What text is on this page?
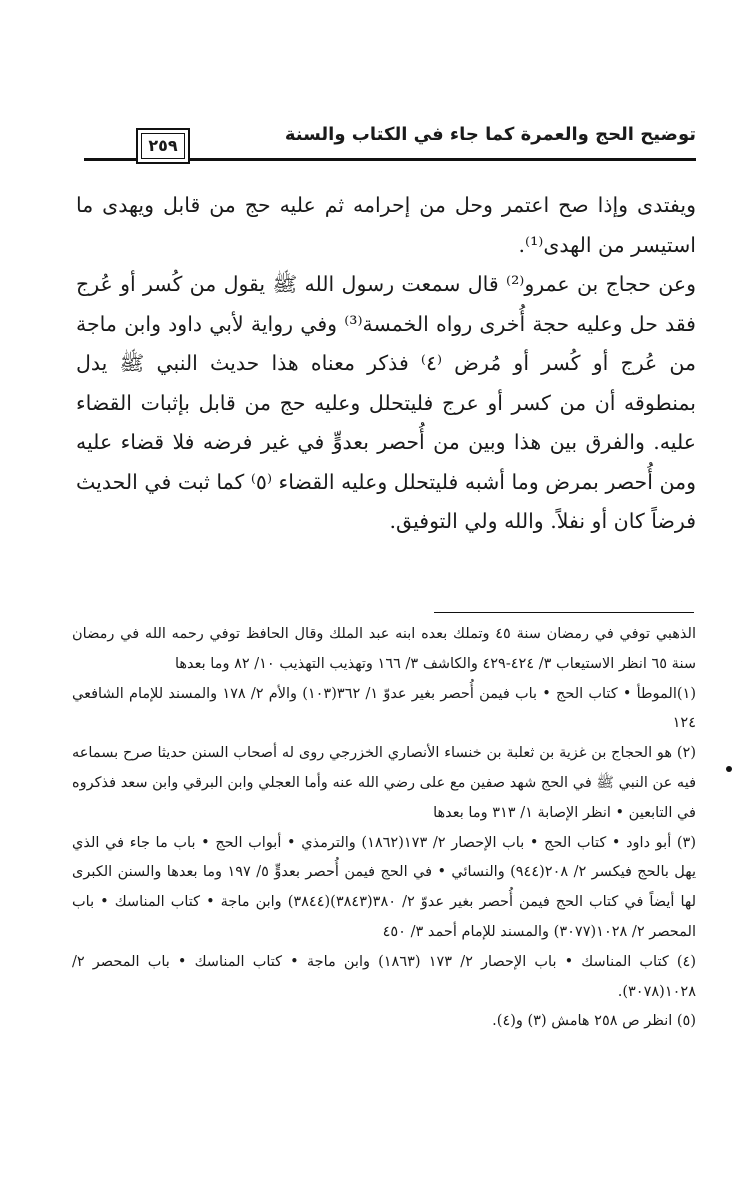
توضيح الحج والعمرة كما جاء في الكتاب والسنة
٢٥٩

ويفتدى وإذا صح اعتمر وحل من إحرامه ثم عليه حج من قابل ويهدى ما استيسر من الهدى⁽¹⁾.

وعن حجاج بن عمرو⁽²⁾ قال سمعت رسول الله ﷺ يقول من كُسر أو عُرج فقد حل وعليه حجة أُخرى رواه الخمسة⁽³⁾ وفي رواية لأبي داود وابن ماجة من عُرج أو كُسر أو مُرض ⁽٤⁾ فذكر معناه هذا حديث النبي ﷺ يدل بمنطوقه أن من كسر أو عرج فليتحلل وعليه حج من قابل بإثبات القضاء عليه. والفرق بين هذا وبين من أُحصر بعدوٍّ في غير فرضه فلا قضاء عليه ومن أُحصر بمرض وما أشبه فليتحلل وعليه القضاء ⁽٥⁾ كما ثبت في الحديث فرضاً كان أو نفلاً. والله ولي التوفيق.

الذهبي توفي في رمضان سنة ٤٥ وتملك بعده ابنه عبد الملك وقال الحافظ توفي رحمه الله في رمضان سنة ٦٥ انظر الاستيعاب ٣/ ٤٢٤-٤٢٩ والكاشف ٣/ ١٦٦ وتهذيب التهذيب ١٠/ ٨٢ وما بعدها

(١)الموطأ • كتاب الحج • باب فيمن أُحصر بغير عدوّ ١/ ٣٦٢(١٠٣) والأم ٢/ ١٧٨ والمسند للإمام الشافعي ١٢٤

(٢) هو الحجاج بن غزية بن ثعلبة بن خنساء الأنصاري الخزرجي روى له أصحاب السنن حديثا صرح بسماعه فيه عن النبي ﷺ في الحج شهد صفين مع على رضي الله عنه وأما العجلي وابن البرقي وابن سعد فذكروه في التابعين • انظر الإصابة ١/ ٣١٣ وما بعدها

(٣) أبو داود • كتاب الحج • باب الإحصار ٢/ ١٧٣(١٨٦٢) والترمذي • أبواب الحج • باب ما جاء في الذي يهل بالحج فيكسر ٢/ ٢٠٨(٩٤٤) والنسائي • في الحج فيمن أُحصر بعدوٍّ ٥/ ١٩٧ وما بعدها والسنن الكبرى لها أيضاً في كتاب الحج فيمن أُحصر بغير عدوّ ٢/ ٣٨٠(٣٨٤٣)(٣٨٤٤) وابن ماجة • كتاب المناسك • باب المحصر ٢/ ١٠٢٨(٣٠٧٧) والمسند للإمام أحمد ٣/ ٤٥٠

(٤) كتاب المناسك • باب الإحصار ٢/ ١٧٣ (١٨٦٣) وابن ماجة • كتاب المناسك • باب المحصر ٢/ ١٠٢٨(٣٠٧٨).

(٥) انظر ص ٢٥٨ هامش (٣) و(٤).
